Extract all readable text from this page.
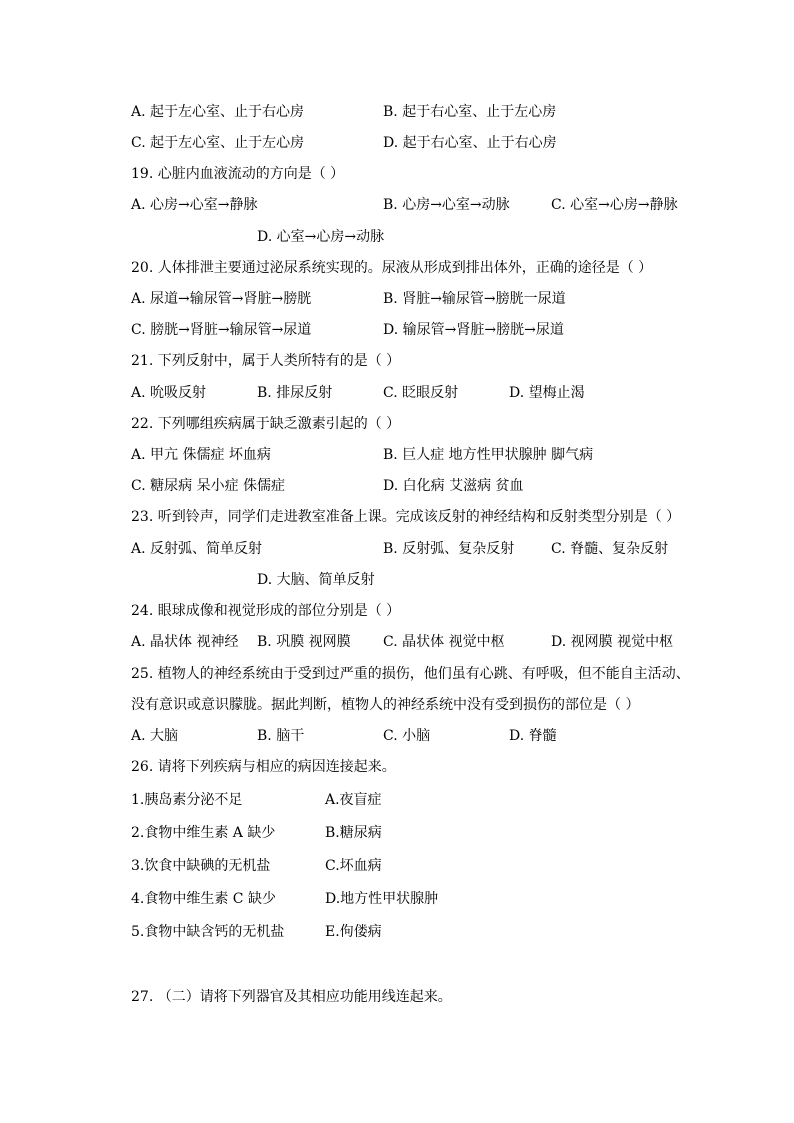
A. 起于左心室、止于右心房	B. 起于右心室、止于左心房
C. 起于左心室、止于左心房	D. 起于右心室、止于右心房
19. 心脏内血液流动的方向是（ ）
A. 心房→心室→静脉	B. 心房→心室→动脉	C. 心室→心房→静脉
D. 心室→心房→动脉
20. 人体排泄主要通过泌尿系统实现的。尿液从形成到排出体外，正确的途径是（ ）
A. 尿道→输尿管→肾脏→膀胱	B. 肾脏→输尿管→膀胱一尿道
C. 膀胱→肾脏→输尿管→尿道	D. 输尿管→肾脏→膀胱→尿道
21. 下列反射中，属于人类所特有的是（ ）
A. 吮吸反射	B. 排尿反射	C. 眨眼反射	D. 望梅止渴
22. 下列哪组疾病属于缺乏激素引起的（ ）
A. 甲亢 侏儒症 坏血病	B. 巨人症 地方性甲状腺肿 脚气病
C. 糖尿病 呆小症 侏儒症	D. 白化病 艾滋病 贫血
23. 听到铃声，同学们走进教室准备上课。完成该反射的神经结构和反射类型分别是（ ）
A. 反射弧、简单反射	B. 反射弧、复杂反射	C. 脊髓、复杂反射
D. 大脑、简单反射
24. 眼球成像和视觉形成的部位分别是（ ）
A. 晶状体 视神经 B. 巩膜 视网膜 C. 晶状体 视觉中枢	D. 视网膜 视觉中枢
25. 植物人的神经系统由于受到过严重的损伤，他们虽有心跳、有呼吸，但不能自主活动、
没有意识或意识朦胧。据此判断，植物人的神经系统中没有受到损伤的部位是（ ）
A. 大脑	B. 脑干	C. 小脑	D. 脊髓
26. 请将下列疾病与相应的病因连接起来。
1.胰岛素分泌不足	A.夜盲症
2.食物中维生素 A 缺少	B.糖尿病
3.饮食中缺碘的无机盐	C.坏血病
4.食物中维生素 C 缺少	D.地方性甲状腺肿
5.食物中缺含钙的无机盐	E.佝偻病
27. （二）请将下列器官及其相应功能用线连起来。
